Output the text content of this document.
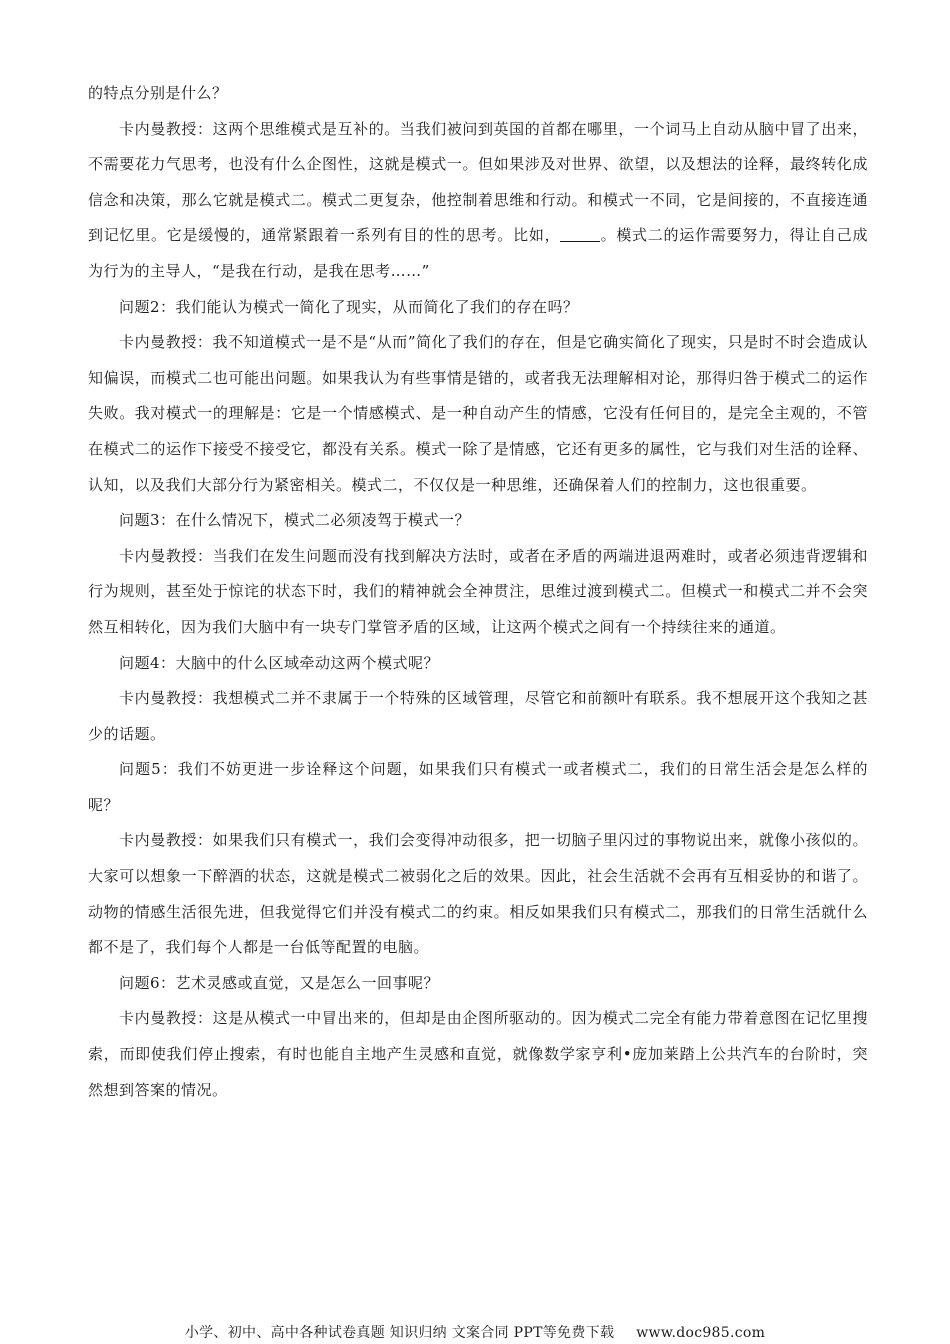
的特点分别是什么？

卡内曼教授：这两个思维模式是互补的。当我们被问到英国的首都在哪里，一个词马上自动从脑中冒了出来，不需要花力气思考，也没有什么企图性，这就是模式一。但如果涉及对世界、欲望，以及想法的诠释，最终转化成信念和决策，那么它就是模式二。模式二更复杂，他控制着思维和行动。和模式一不同，它是间接的，不直接连通到记忆里。它是缓慢的，通常紧跟着一系列有目的性的思考。比如，	。模式二的运作需要努力，得让自己成为行为的主导人，“是我在行动，是我在思考……”

问题2：我们能认为模式一简化了现实，从而简化了我们的存在吗？

卡内曼教授：我不知道模式一是不是“从而”简化了我们的存在，但是它确实简化了现实，只是时不时会造成认知偏误，而模式二也可能出问题。如果我认为有些事情是错的，或者我无法理解相对论，那得归咎于模式二的运作失败。我对模式一的理解是：它是一个情感模式、是一种自动产生的情感，它没有任何目的，是完全主观的，不管在模式二的运作下接受不接受它，都没有关系。模式一除了是情感，它还有更多的属性，它与我们对生活的诠释、认知，以及我们大部分行为紧密相关。模式二，不仅仅是一种思维，还确保着人们的控制力，这也很重要。

问题3：在什么情况下，模式二必须凌驾于模式一？

卡内曼教授：当我们在发生问题而没有找到解决方法时，或者在矛盾的两端进退两难时，或者必须违背逻辑和行为规则，甚至处于惊诧的状态下时，我们的精神就会全神贯注，思维过渡到模式二。但模式一和模式二并不会突然互相转化，因为我们大脑中有一块专门掌管矛盾的区域，让这两个模式之间有一个持续往来的通道。

问题4：大脑中的什么区域牵动这两个模式呢？

卡内曼教授：我想模式二并不隶属于一个特殊的区域管理，尽管它和前额叶有联系。我不想展开这个我知之甚少的话题。

问题5：我们不妨更进一步诠释这个问题，如果我们只有模式一或者模式二，我们的日常生活会是怎么样的呢？

卡内曼教授：如果我们只有模式一，我们会变得冲动很多，把一切脑子里闪过的事物说出来，就像小孩似的。大家可以想象一下醉酒的状态，这就是模式二被弱化之后的效果。因此，社会生活就不会再有互相妥协的和谐了。动物的情感生活很先进，但我觉得它们并没有模式二的约束。相反如果我们只有模式二，那我们的日常生活就什么都不是了，我们每个人都是一台低等配置的电脑。

问题6：艺术灵感或直觉，又是怎么一回事呢？

卡内曼教授：这是从模式一中冒出来的，但却是由企图所驱动的。因为模式二完全有能力带着意图在记忆里搜索，而即使我们停止搜索，有时也能自主地产生灵感和直觉，就像数学家亨利•庞加莱踏上公共汽车的台阶时，突然想到答案的情况。

小学、初中、高中各种试卷真题 知识归纳 文案合同 PPT等免费下载 www.doc985.com
